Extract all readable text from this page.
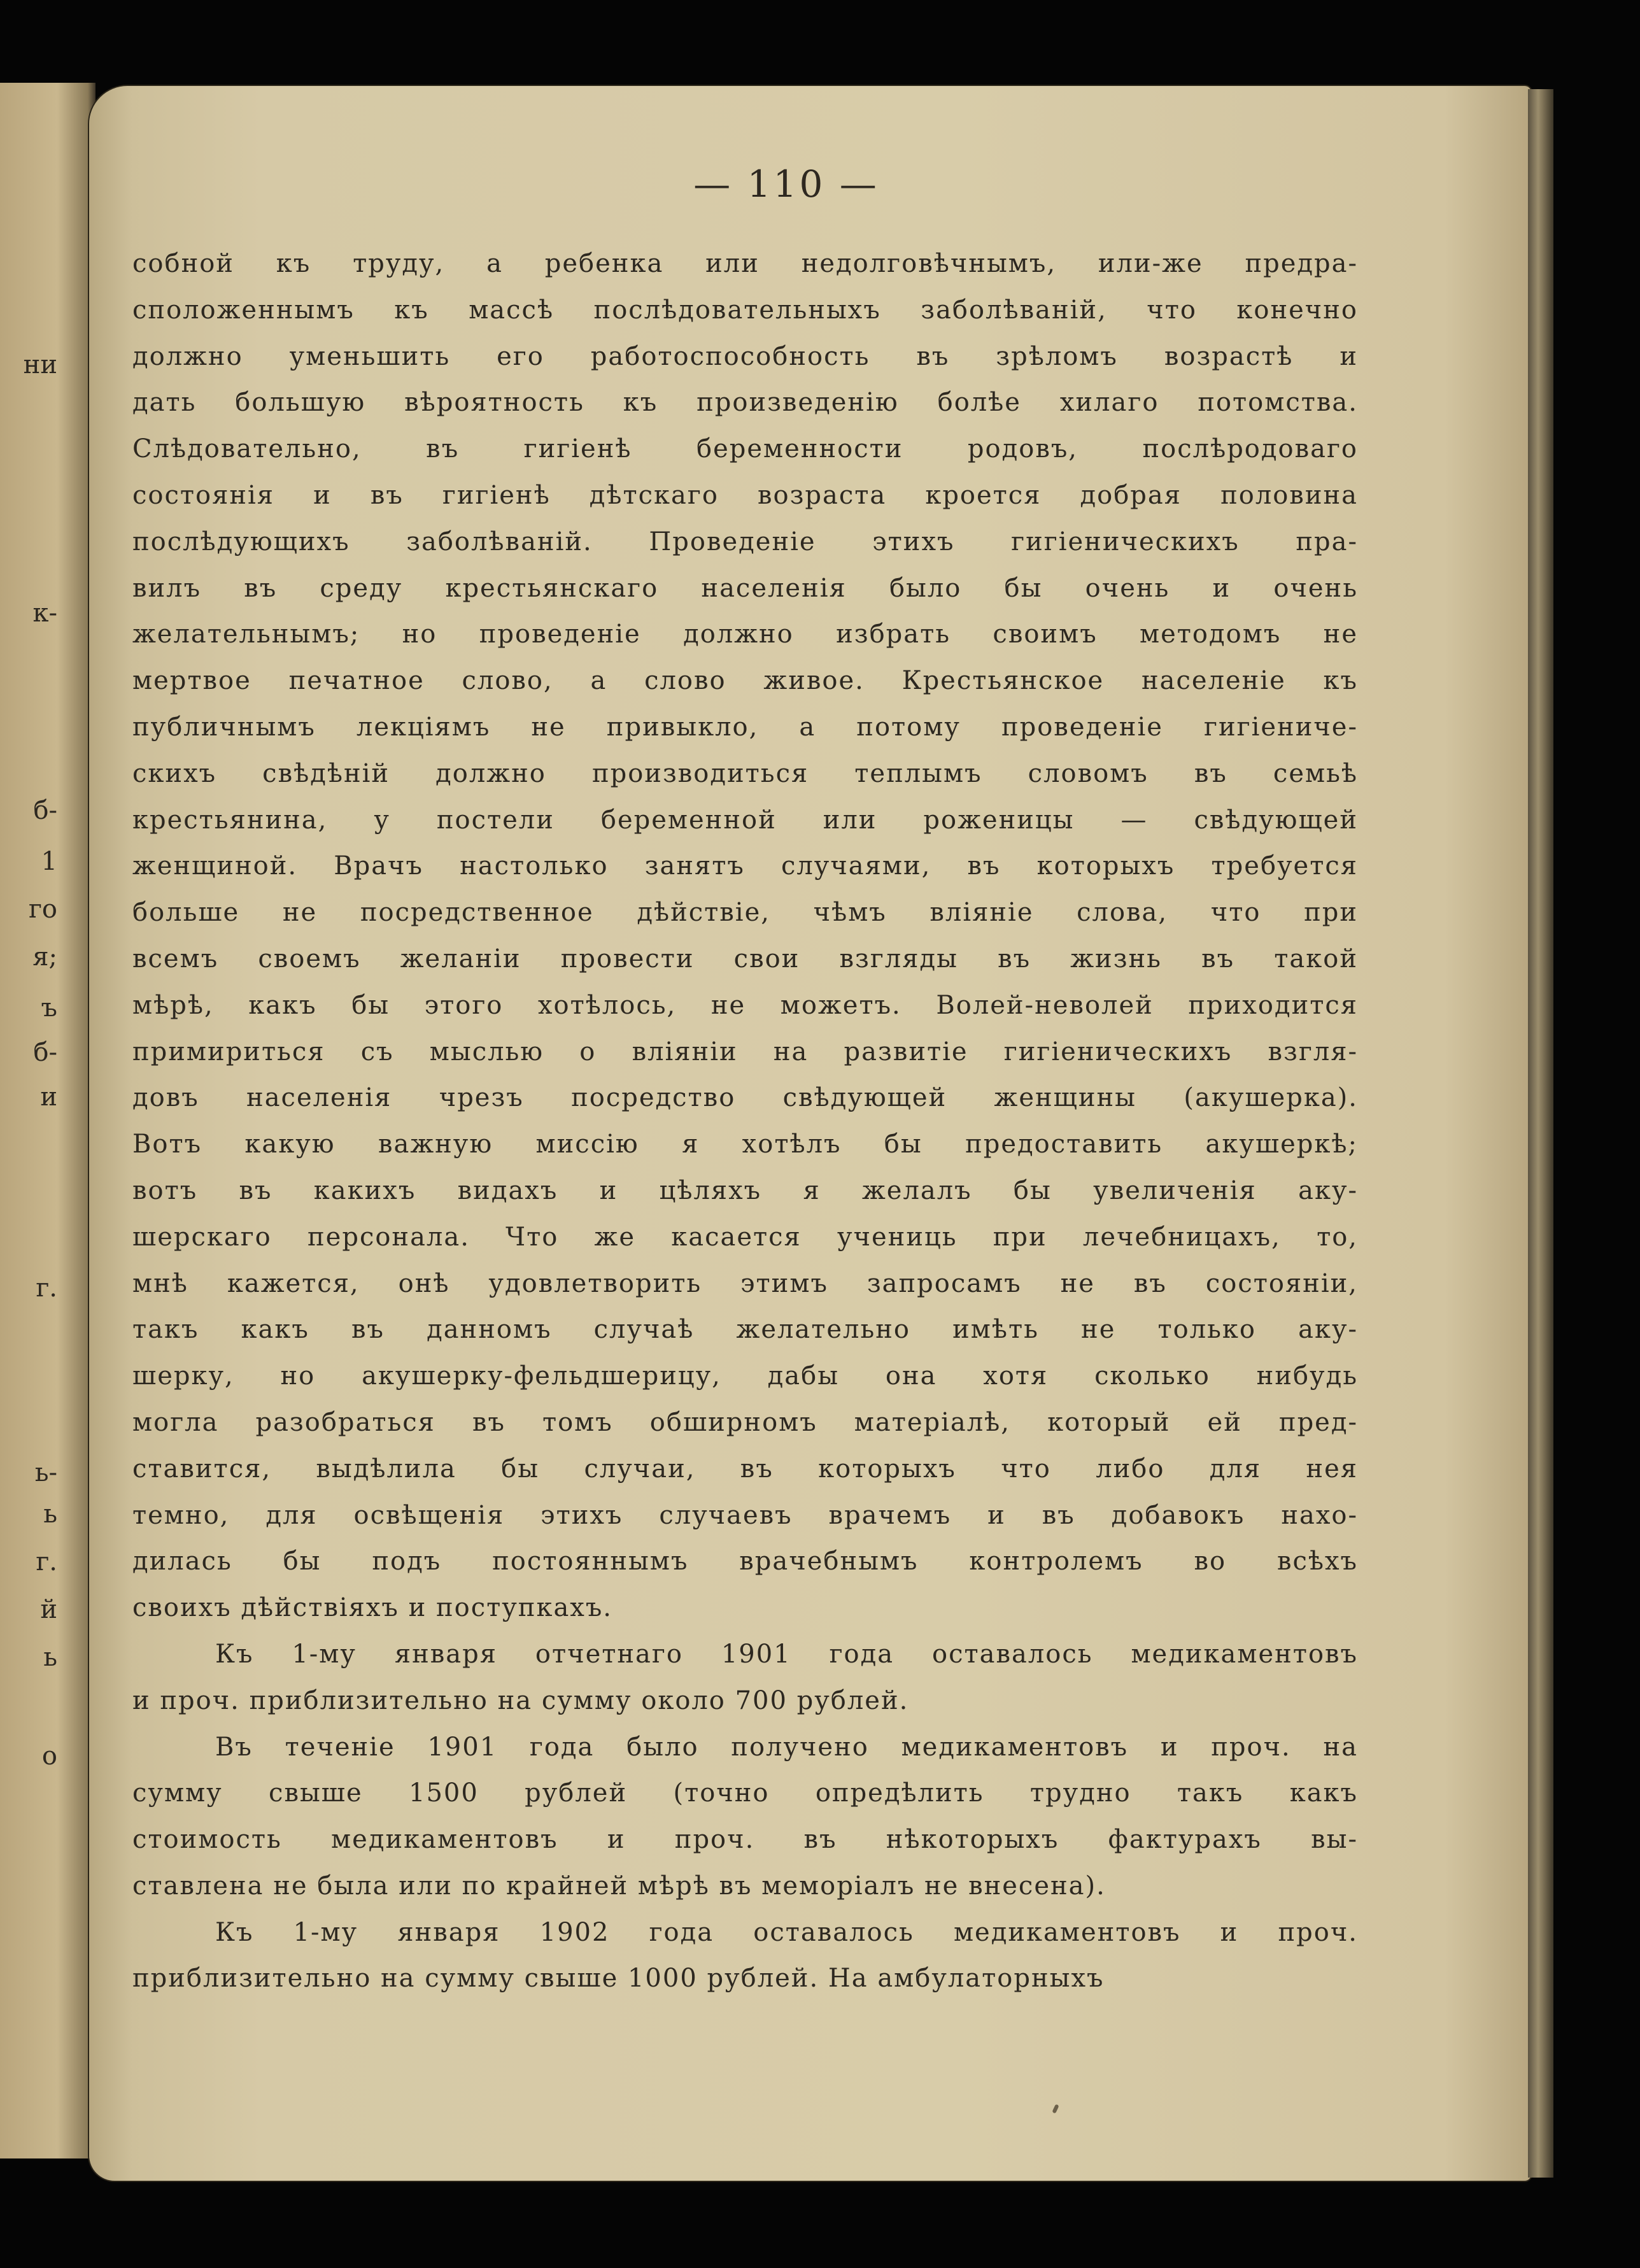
ни
к-
б-
1
го
я;
ъ
б-
и
г.
ь-
ь
г.
й
ь
о
— 110 —
собной къ труду, а ребенка или недолговѣчнымъ, или-же предра-
сположеннымъ къ массѣ послѣдовательныхъ заболѣваній, что конечно
должно уменьшить его работоспособность въ зрѣломъ возрастѣ и
дать большую вѣроятность къ произведенію болѣе хилаго потомства.
Слѣдовательно, въ гигіенѣ беременности родовъ, послѣродоваго
состоянія и въ гигіенѣ дѣтскаго возраста кроется добрая половина
послѣдующихъ заболѣваній. Проведеніе этихъ гигіеническихъ пра-
вилъ въ среду крестьянскаго населенія было бы очень и очень
желательнымъ; но проведеніе должно избрать своимъ методомъ не
мертвое печатное слово, а слово живое. Крестьянское населеніе къ
публичнымъ лекціямъ не привыкло, а потому проведеніе гигіениче-
скихъ свѣдѣній должно производиться теплымъ словомъ въ семьѣ
крестьянина, у постели беременной или роженицы — свѣдующей
женщиной. Врачъ настолько занятъ случаями, въ которыхъ требуется
больше не посредственное дѣйствіе, чѣмъ вліяніе слова, что при
всемъ своемъ желаніи провести свои взгляды въ жизнь въ такой
мѣрѣ, какъ бы этого хотѣлось, не можетъ. Волей-неволей приходится
примириться съ мыслью о вліяніи на развитіе гигіеническихъ взгля-
довъ населенія чрезъ посредство свѣдующей женщины (акушерка).
Вотъ какую важную миссію я хотѣлъ бы предоставить акушеркѣ;
вотъ въ какихъ видахъ и цѣляхъ я желалъ бы увеличенія аку-
шерскаго персонала. Что же касается учениць при лечебницахъ, то,
мнѣ кажется, онѣ удовлетворить этимъ запросамъ не въ состояніи,
такъ какъ въ данномъ случаѣ желательно имѣть не только аку-
шерку, но акушерку-фельдшерицу, дабы она хотя сколько нибудь
могла разобраться въ томъ обширномъ матеріалѣ, который ей пред-
ставится, выдѣлила бы случаи, въ которыхъ что либо для нея
темно, для освѣщенія этихъ случаевъ врачемъ и въ добавокъ нахо-
дилась бы подъ постояннымъ врачебнымъ контролемъ во всѣхъ
своихъ дѣйствіяхъ и поступкахъ.
Къ 1-му января отчетнаго 1901 года оставалось медикаментовъ
и проч. приблизительно на сумму около 700 рублей.
Въ теченіе 1901 года было получено медикаментовъ и проч. на
сумму свыше 1500 рублей (точно опредѣлить трудно такъ какъ
стоимость медикаментовъ и проч. въ нѣкоторыхъ фактурахъ вы-
ставлена не была или по крайней мѣрѣ въ меморіалъ не внесена).
Къ 1-му января 1902 года оставалось медикаментовъ и проч.
приблизительно на сумму свыше 1000 рублей. На амбулаторныхъ
